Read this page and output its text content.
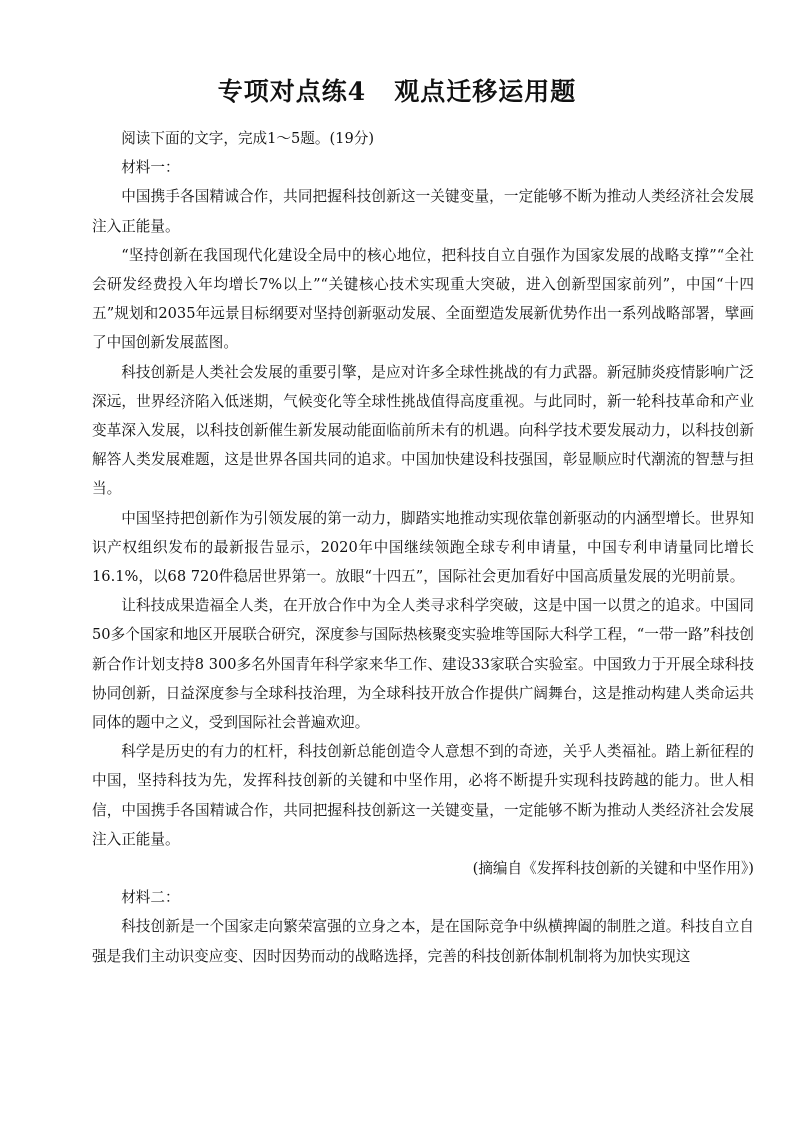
专项对点练4 观点迁移运用题

阅读下面的文字，完成1～5题。(19分)

材料一：

中国携手各国精诚合作，共同把握科技创新这一关键变量，一定能够不断为推动人类经济社会发展注入正能量。

“坚持创新在我国现代化建设全局中的核心地位，把科技自立自强作为国家发展的战略支撑”“全社会研发经费投入年均增长7%以上”“关键核心技术实现重大突破，进入创新型国家前列”，中国“十四五”规划和2035年远景目标纲要对坚持创新驱动发展、全面塑造发展新优势作出一系列战略部署，擘画了中国创新发展蓝图。

科技创新是人类社会发展的重要引擎，是应对许多全球性挑战的有力武器。新冠肺炎疫情影响广泛深远，世界经济陷入低迷期，气候变化等全球性挑战值得高度重视。与此同时，新一轮科技革命和产业变革深入发展，以科技创新催生新发展动能面临前所未有的机遇。向科学技术要发展动力，以科技创新解答人类发展难题，这是世界各国共同的追求。中国加快建设科技强国，彰显顺应时代潮流的智慧与担当。

中国坚持把创新作为引领发展的第一动力，脚踏实地推动实现依靠创新驱动的内涵型增长。世界知识产权组织发布的最新报告显示，2020年中国继续领跑全球专利申请量，中国专利申请量同比增长16.1%，以68 720件稳居世界第一。放眼“十四五”，国际社会更加看好中国高质量发展的光明前景。

让科技成果造福全人类，在开放合作中为全人类寻求科学突破，这是中国一以贯之的追求。中国同50多个国家和地区开展联合研究，深度参与国际热核聚变实验堆等国际大科学工程，“一带一路”科技创新合作计划支持8 300多名外国青年科学家来华工作、建设33家联合实验室。中国致力于开展全球科技协同创新，日益深度参与全球科技治理，为全球科技开放合作提供广阔舞台，这是推动构建人类命运共同体的题中之义，受到国际社会普遍欢迎。

科学是历史的有力的杠杆，科技创新总能创造令人意想不到的奇迹，关乎人类福祉。踏上新征程的中国，坚持科技为先，发挥科技创新的关键和中坚作用，必将不断提升实现科技跨越的能力。世人相信，中国携手各国精诚合作，共同把握科技创新这一关键变量，一定能够不断为推动人类经济社会发展注入正能量。

(摘编自《发挥科技创新的关键和中坚作用》)

材料二：

科技创新是一个国家走向繁荣富强的立身之本，是在国际竞争中纵横捭阖的制胜之道。科技自立自强是我们主动识变应变、因时因势而动的战略选择，完善的科技创新体制机制将为加快实现这
